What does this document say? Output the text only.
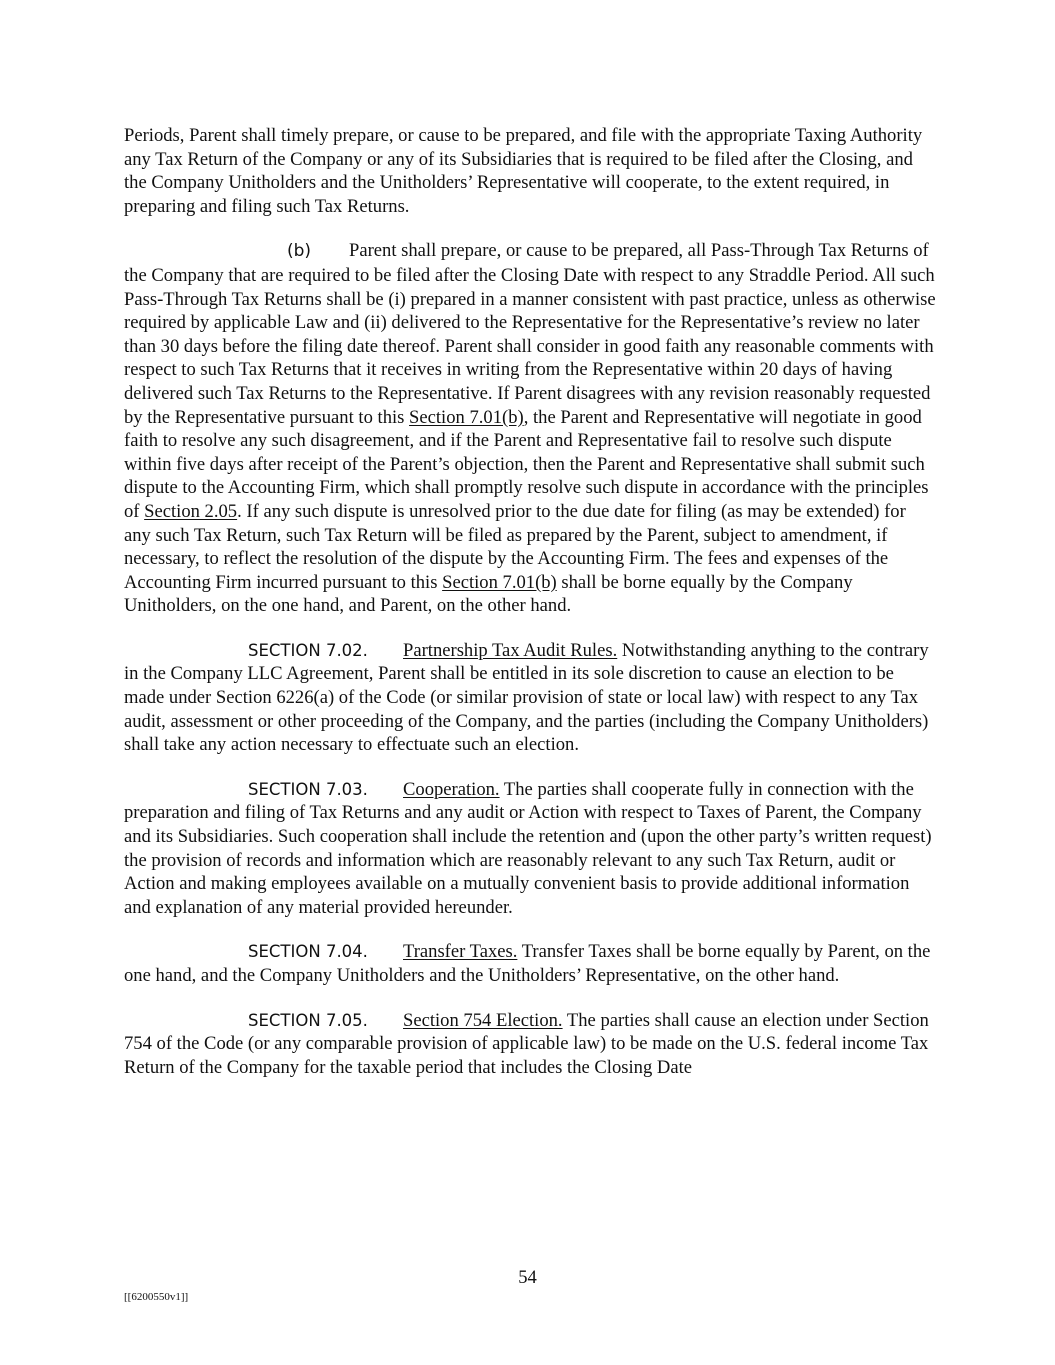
Periods, Parent shall timely prepare, or cause to be prepared, and file with the appropriate Taxing Authority any Tax Return of the Company or any of its Subsidiaries that is required to be filed after the Closing, and the Company Unitholders and the Unitholders’ Representative will cooperate, to the extent required, in preparing and filing such Tax Returns.

(b) Parent shall prepare, or cause to be prepared, all Pass-Through Tax Returns of the Company that are required to be filed after the Closing Date with respect to any Straddle Period. All such Pass-Through Tax Returns shall be (i) prepared in a manner consistent with past practice, unless as otherwise required by applicable Law and (ii) delivered to the Representative for the Representative’s review no later than 30 days before the filing date thereof. Parent shall consider in good faith any reasonable comments with respect to such Tax Returns that it receives in writing from the Representative within 20 days of having delivered such Tax Returns to the Representative. If Parent disagrees with any revision reasonably requested by the Representative pursuant to this Section 7.01(b), the Parent and Representative will negotiate in good faith to resolve any such disagreement, and if the Parent and Representative fail to resolve such dispute within five days after receipt of the Parent’s objection, then the Parent and Representative shall submit such dispute to the Accounting Firm, which shall promptly resolve such dispute in accordance with the principles of Section 2.05. If any such dispute is unresolved prior to the due date for filing (as may be extended) for any such Tax Return, such Tax Return will be filed as prepared by the Parent, subject to amendment, if necessary, to reflect the resolution of the dispute by the Accounting Firm. The fees and expenses of the Accounting Firm incurred pursuant to this Section 7.01(b) shall be borne equally by the Company Unitholders, on the one hand, and Parent, on the other hand.

SECTION 7.02. Partnership Tax Audit Rules. Notwithstanding anything to the contrary in the Company LLC Agreement, Parent shall be entitled in its sole discretion to cause an election to be made under Section 6226(a) of the Code (or similar provision of state or local law) with respect to any Tax audit, assessment or other proceeding of the Company, and the parties (including the Company Unitholders) shall take any action necessary to effectuate such an election.

SECTION 7.03. Cooperation. The parties shall cooperate fully in connection with the preparation and filing of Tax Returns and any audit or Action with respect to Taxes of Parent, the Company and its Subsidiaries. Such cooperation shall include the retention and (upon the other party’s written request) the provision of records and information which are reasonably relevant to any such Tax Return, audit or Action and making employees available on a mutually convenient basis to provide additional information and explanation of any material provided hereunder.

SECTION 7.04. Transfer Taxes. Transfer Taxes shall be borne equally by Parent, on the one hand, and the Company Unitholders and the Unitholders’ Representative, on the other hand.

SECTION 7.05. Section 754 Election. The parties shall cause an election under Section 754 of the Code (or any comparable provision of applicable law) to be made on the U.S. federal income Tax Return of the Company for the taxable period that includes the Closing Date

54
[[6200550v1]]
